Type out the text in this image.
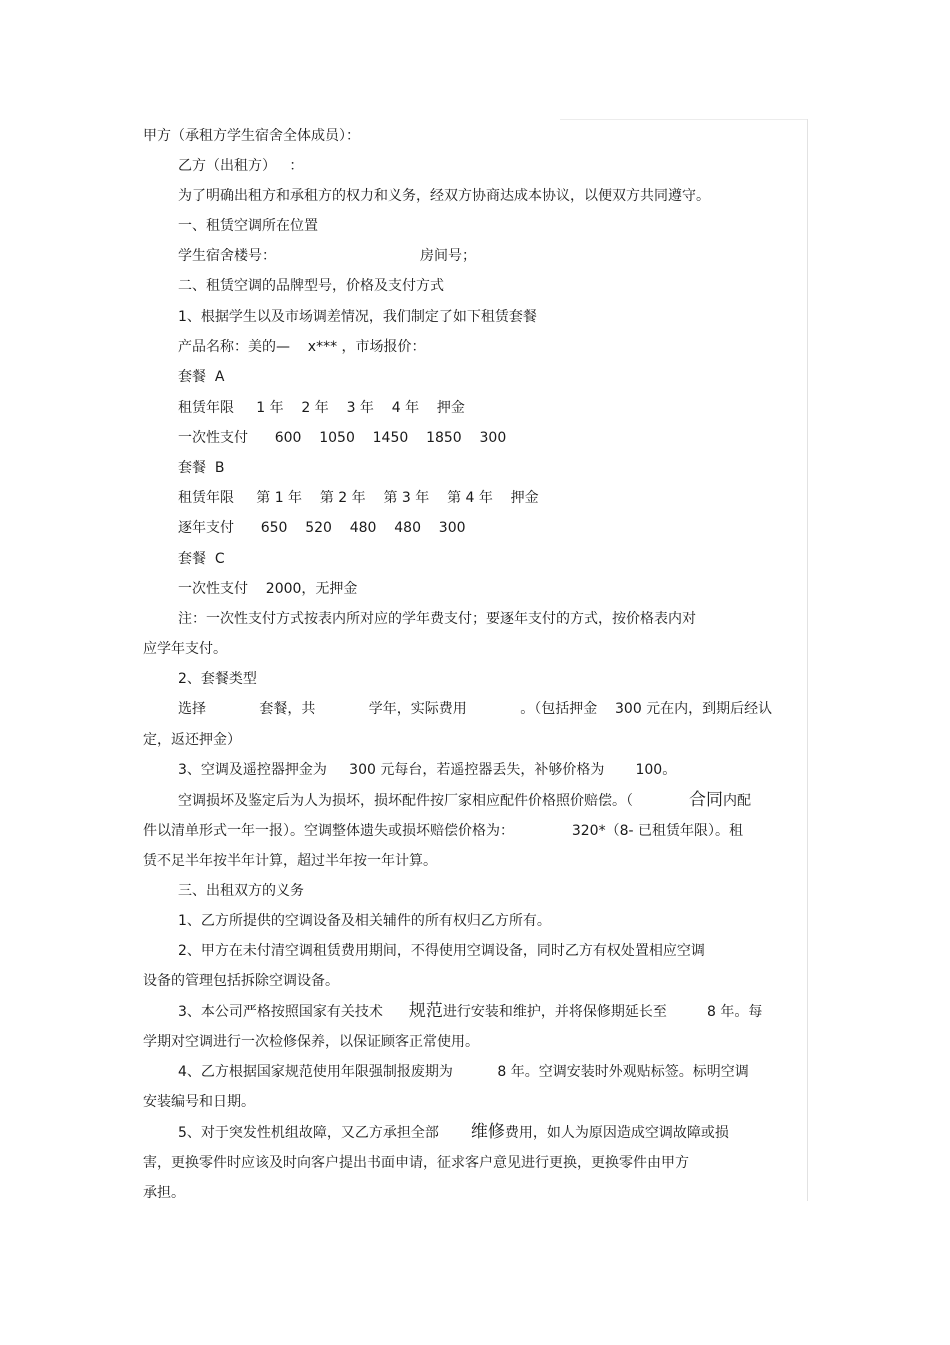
甲方（承租方学生宿舍全体成员）：
乙方（出租方）   ：
为了明确出租方和承租方的权力和义务，经双方协商达成本协议，以便双方共同遵守。
一、租赁空调所在位置
学生宿舍楼号：	房间号；
二、租赁空调的品牌型号，价格及支付方式
1、根据学生以及市场调差情况，我们制定了如下租赁套餐
产品名称：美的—    x*** ，市场报价：
套餐  A
租赁年限     1 年    2 年    3 年    4 年    押金
一次性支付      600    1050    1450    1850    300
套餐  B
租赁年限     第 1 年    第 2 年    第 3 年    第 4 年    押金
逐年支付      650    520    480    480    300
套餐  C
一次性支付    2000，无押金
注：一次性支付方式按表内所对应的学年费支付；要逐年支付的方式，按价格表内对
应学年支付。
2、套餐类型
选择            套餐，共            学年，实际费用            。（包括押金    300 元在内，到期后经认
定，返还押金）
3、空调及遥控器押金为     300 元每台，若遥控器丢失，补够价格为       100。
空调损坏及鉴定后为人为损坏，损坏配件按厂家相应配件价格照价赔偿。（	合同内配
件以清单形式一年一报）。空调整体遗失或损坏赔偿价格为：             320*（8- 已租赁年限）。租
赁不足半年按半年计算，超过半年按一年计算。
三、出租双方的义务
1、乙方所提供的空调设备及相关辅件的所有权归乙方所有。
2、甲方在未付清空调租赁费用期间，不得使用空调设备，同时乙方有权处置相应空调
设备的管理包括拆除空调设备。
3、本公司严格按照国家有关技术 规范进行安装和维护，并将保修期延长至         8 年。每
学期对空调进行一次检修保养，以保证顾客正常使用。
4、乙方根据国家规范使用年限强制报废期为          8 年。空调安装时外观贴标签。标明空调
安装编号和日期。
5、对于突发性机组故障，又乙方承担全部 维修费用，如人为原因造成空调故障或损
害，更换零件时应该及时向客户提出书面申请，征求客户意见进行更换，更换零件由甲方
承担。
